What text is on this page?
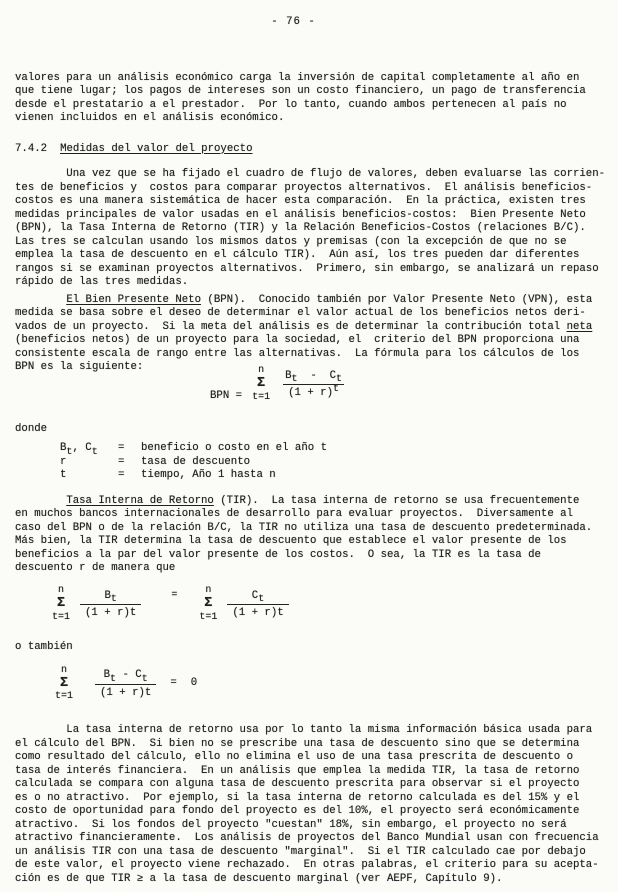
- 76 -
valores para un análisis económico carga la inversión de capital completamente al año en
que tiene lugar; los pagos de intereses son un costo financiero, un pago de transferencia
desde el prestatario a el prestador.  Por lo tanto, cuando ambos pertenecen al país no
vienen incluidos en el análisis económico.
7.4.2 Medidas del valor del proyecto
Una vez que se ha fijado el cuadro de flujo de valores, deben evaluarse las corrien-
tes de beneficios y  costos para comparar proyectos alternativos.  El análisis beneficios-
costos es una manera sistemática de hacer esta comparación.  En la práctica, existen tres
medidas principales de valor usadas en el análisis beneficios-costos:  Bien Presente Neto
(BPN), la Tasa Interna de Retorno (TIR) y la Relación Beneficios-Costos (relaciones B/C).
Las tres se calculan usando los mismos datos y premisas (con la excepción de que no se
emplea la tasa de descuento en el cálculo TIR).  Aún así, los tres pueden dar diferentes
rangos si se examinan proyectos alternativos.  Primero, sin embargo, se analizará un repaso
rápido de las tres medidas.
El Bien Presente Neto (BPN).  Conocido también por Valor Presente Neto (VPN), esta
medida se basa sobre el deseo de determinar el valor actual de los beneficios netos deri-
vados de un proyecto.  Si la meta del análisis es de determinar la contribución total neta
(beneficios netos) de un proyecto para la sociedad, el  criterio del BPN proporciona una
consistente escala de rango entre las alternativas.  La fórmula para los cálculos de los
BPN es la siguiente:
BPN =
n
Σ
$t=1 \frac{Bt - Ct}{(1 + r)t}$
donde
Bt, Ct	=	beneficio o costo en el año t
r	=	tasa de descuento
t	=	tiempo, Año 1 hasta n
Tasa Interna de Retorno (TIR).  La tasa interna de retorno se usa frecuentemente
en muchos bancos internacionales de desarrollo para evaluar proyectos.  Diversamente al
caso del BPN o de la relación B/C, la TIR no utiliza una tasa de descuento predeterminada.
Más bien, la TIR determina la tasa de descuento que establece el valor presente de los
beneficios a la par del valor presente de los costos.  O sea, la TIR es la tasa de
descuento r de manera que
n
Σ
$t=1 \frac{Bt}{(1 + r)t}$	=	n
Σ
$t=1 \frac{Ct}{(1 + r)t}$
o también
n
Σ
$t=1 \frac{Bt - Ct}{(1 + r)t} = 0$
La tasa interna de retorno usa por lo tanto la misma información básica usada para
el cálculo del BPN.  Si bien no se prescribe una tasa de descuento sino que se determina
como resultado del cálculo, ello no elimina el uso de una tasa prescrita de descuento o
tasa de interés financiera.  En un análisis que emplea la medida TIR, la tasa de retorno
calculada se compara con alguna tasa de descuento prescrita para observar si el proyecto
es o no atractivo.  Por ejemplo, si la tasa interna de retorno calculada es del 15% y el
costo de oportunidad para fondo del proyecto es del 10%, el proyecto será económicamente
atractivo.  Si los fondos del proyecto "cuestan" 18%, sin embargo, el proyecto no será
atractivo financieramente.  Los análisis de proyectos del Banco Mundial usan con frecuencia
un análisis TIR con una tasa de descuento "marginal".  Si el TIR calculado cae por debajo
de este valor, el proyecto viene rechazado.  En otras palabras, el criterio para su acepta-
ción es de que TIR ≥ a la tasa de descuento marginal (ver AEPF, Capítulo 9).
